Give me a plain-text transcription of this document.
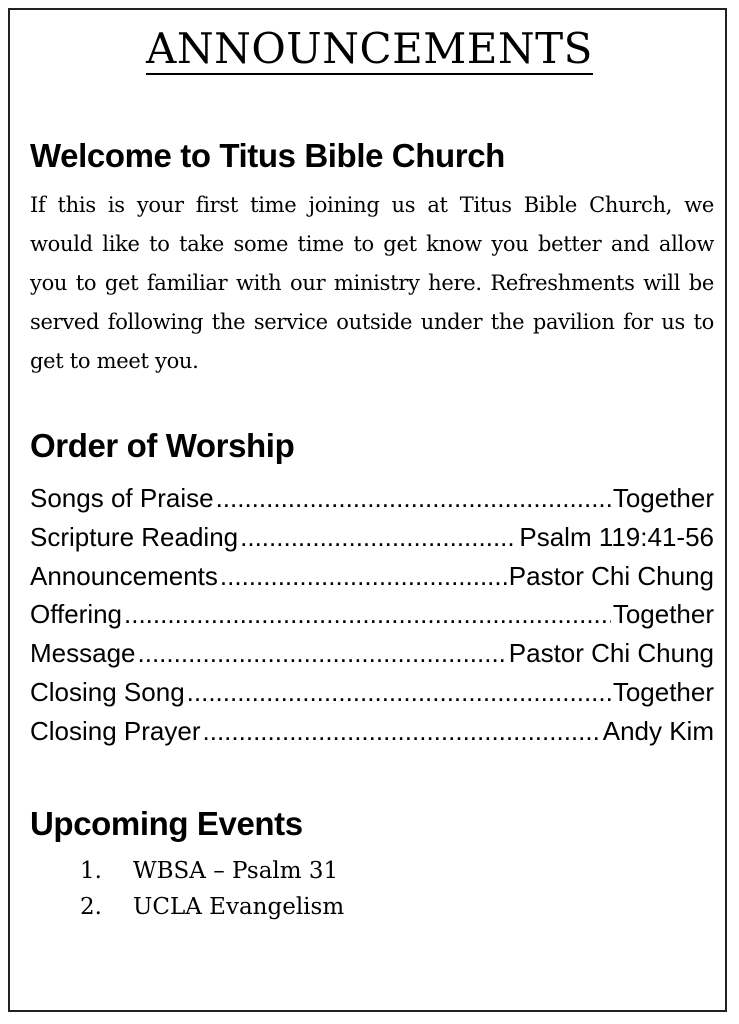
ANNOUNCEMENTS
Welcome to Titus Bible Church
If this is your first time joining us at Titus Bible Church, we would like to take some time to get know you better and allow you to get familiar with our ministry here. Refreshments will be served following the service outside under the pavilion for us to get to meet you.
Order of Worship
Songs of Praise .....	Together
Scripture Reading .....	Psalm 119:41-56
Announcements .....	Pastor Chi Chung
Offering .....	Together
Message .....	Pastor Chi Chung
Closing Song .....	Together
Closing Prayer .....	Andy Kim
Upcoming Events
1.	WBSA – Psalm 31
2.	UCLA Evangelism
